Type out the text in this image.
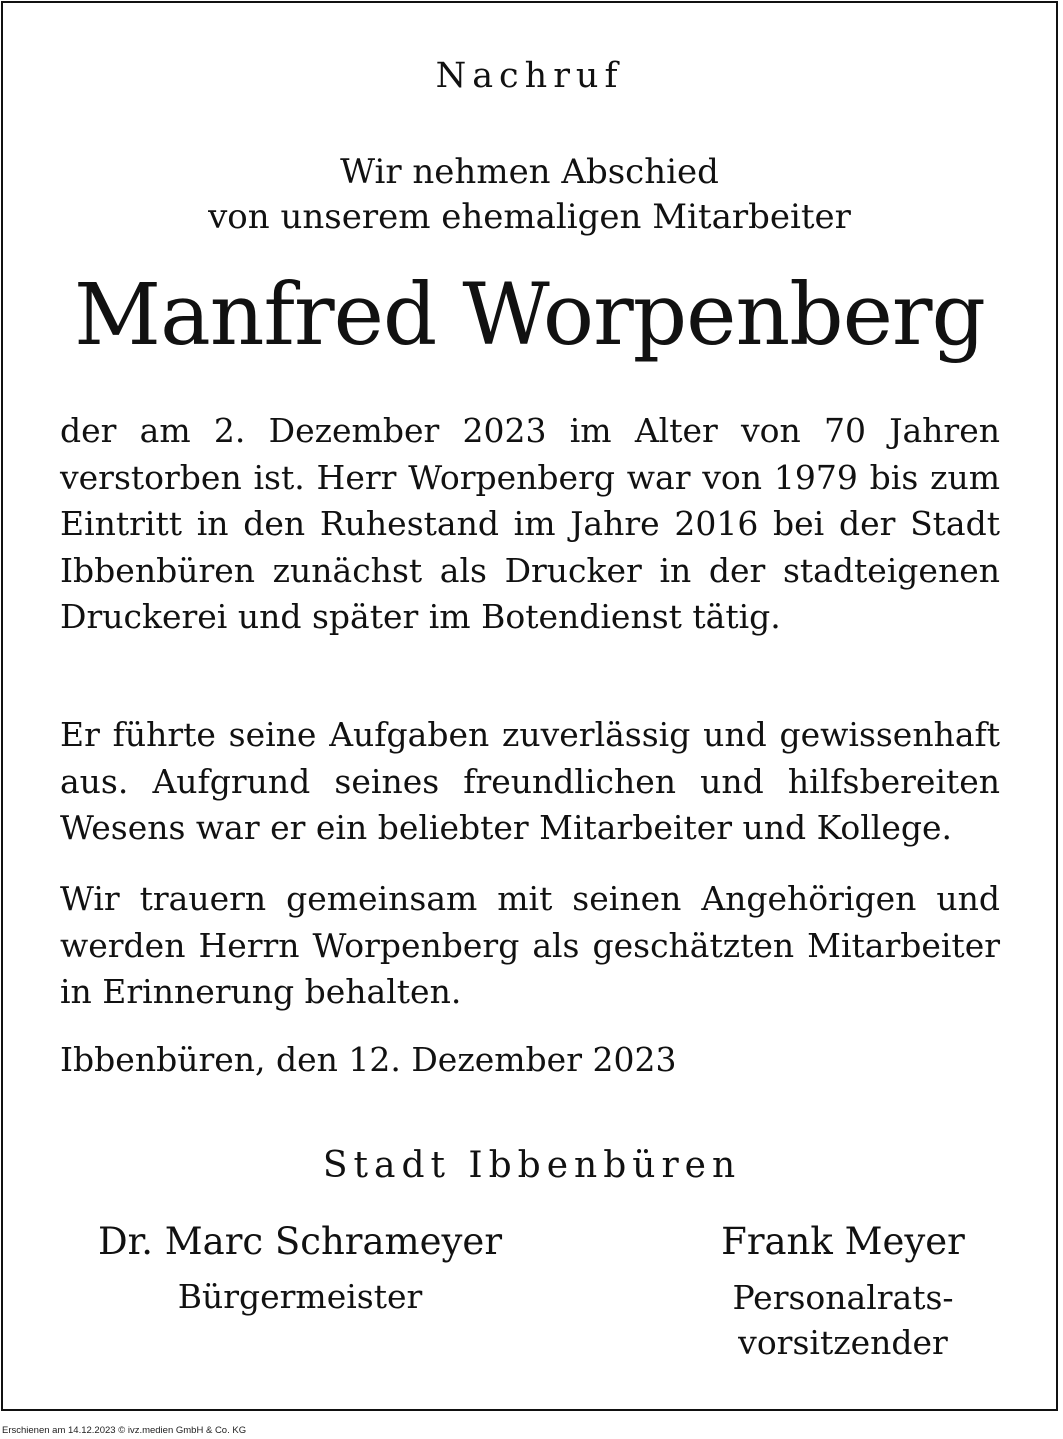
Nachruf
Wir nehmen Abschied
von unserem ehemaligen Mitarbeiter
Manfred Worpenberg

der am 2. Dezember 2023 im Alter von 70 Jahren verstorben ist. Herr Worpenberg war von 1979 bis zum Eintritt in den Ruhestand im Jahre 2016 bei der Stadt Ibbenbüren zunächst als Drucker in der stadteigenen Druckerei und später im Botendienst tätig.

Er führte seine Aufgaben zuverlässig und gewissenhaft aus. Aufgrund seines freundlichen und hilfsbereiten Wesens war er ein beliebter Mitarbeiter und Kollege.

Wir trauern gemeinsam mit seinen Angehörigen und werden Herrn Worpenberg als geschätzten Mitarbeiter in Erinnerung behalten.

Ibbenbüren, den 12. Dezember 2023
Stadt Ibbenbüren
Dr. Marc Schrameyer
Bürgermeister
Frank Meyer
Personalrats-
vorsitzender
Erschienen am 14.12.2023 © ivz.medien GmbH & Co. KG
